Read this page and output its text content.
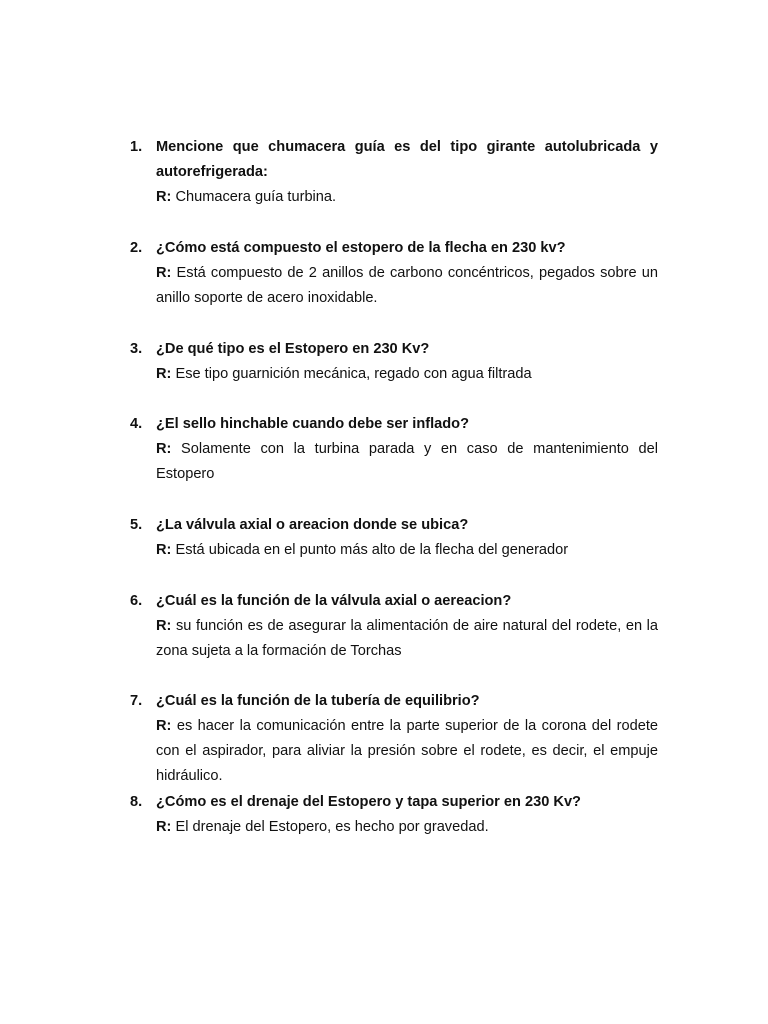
1. Mencione que chumacera guía es del tipo girante autolubricada y autorefrigerada:

R: Chumacera guía turbina.

2. ¿Cómo está compuesto el estopero de la flecha en 230 kv?

R: Está compuesto de 2 anillos de carbono concéntricos, pegados sobre un anillo soporte de acero inoxidable.

3. ¿De qué tipo es el Estopero en 230 Kv?

R: Ese tipo guarnición mecánica, regado con agua filtrada

4. ¿El sello hinchable cuando debe ser inflado?

R: Solamente con la turbina parada y en caso de mantenimiento del Estopero

5. ¿La válvula axial o areacion donde se ubica?

R: Está ubicada en el punto más alto de la flecha del generador

6. ¿Cuál es la función de la válvula axial o aereacion?

R: su función es de asegurar la alimentación de aire natural del rodete, en la zona sujeta a la formación de Torchas

7. ¿Cuál es la función de la tubería de equilibrio?

R: es hacer la comunicación entre la parte superior de la corona del rodete con el aspirador, para aliviar la presión sobre el rodete, es decir, el empuje hidráulico.

8. ¿Cómo es el drenaje del Estopero y tapa superior en 230 Kv?

R: El drenaje del Estopero, es hecho por gravedad.
